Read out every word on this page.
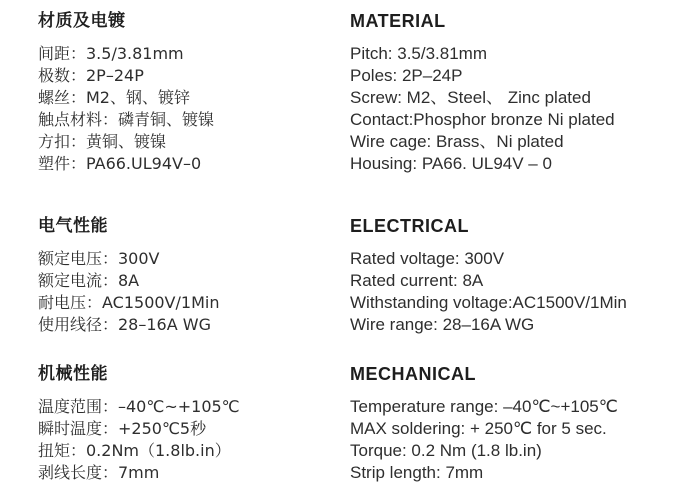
材质及电镀
间距：3.5/3.81mm
极数：2P–24P
螺丝：M2、钢、镀锌
触点材料：磷青铜、镀镍
方扣：黄铜、镀镍
塑件：PA66.UL94V–0
电气性能
额定电压：300V
额定电流：8A
耐电压：AC1500V/1Min
使用线径：28–16A WG
机械性能
温度范围：–40℃~+105℃
瞬时温度：+250℃5秒
扭矩：0.2Nm（1.8lb.in）
剥线长度：7mm
MATERIAL
Pitch: 3.5/3.81mm
Poles: 2P–24P
Screw: M2、Steel、 Zinc plated
Contact:Phosphor bronze Ni plated
Wire cage: Brass、Ni plated
Housing: PA66. UL94V – 0
ELECTRICAL
Rated voltage: 300V
Rated current: 8A
Withstanding voltage:AC1500V/1Min
Wire range: 28–16A WG
MECHANICAL
Temperature range: –40℃~+105℃
MAX soldering: + 250℃ for 5 sec.
Torque: 0.2 Nm (1.8 lb.in)
Strip length: 7mm
